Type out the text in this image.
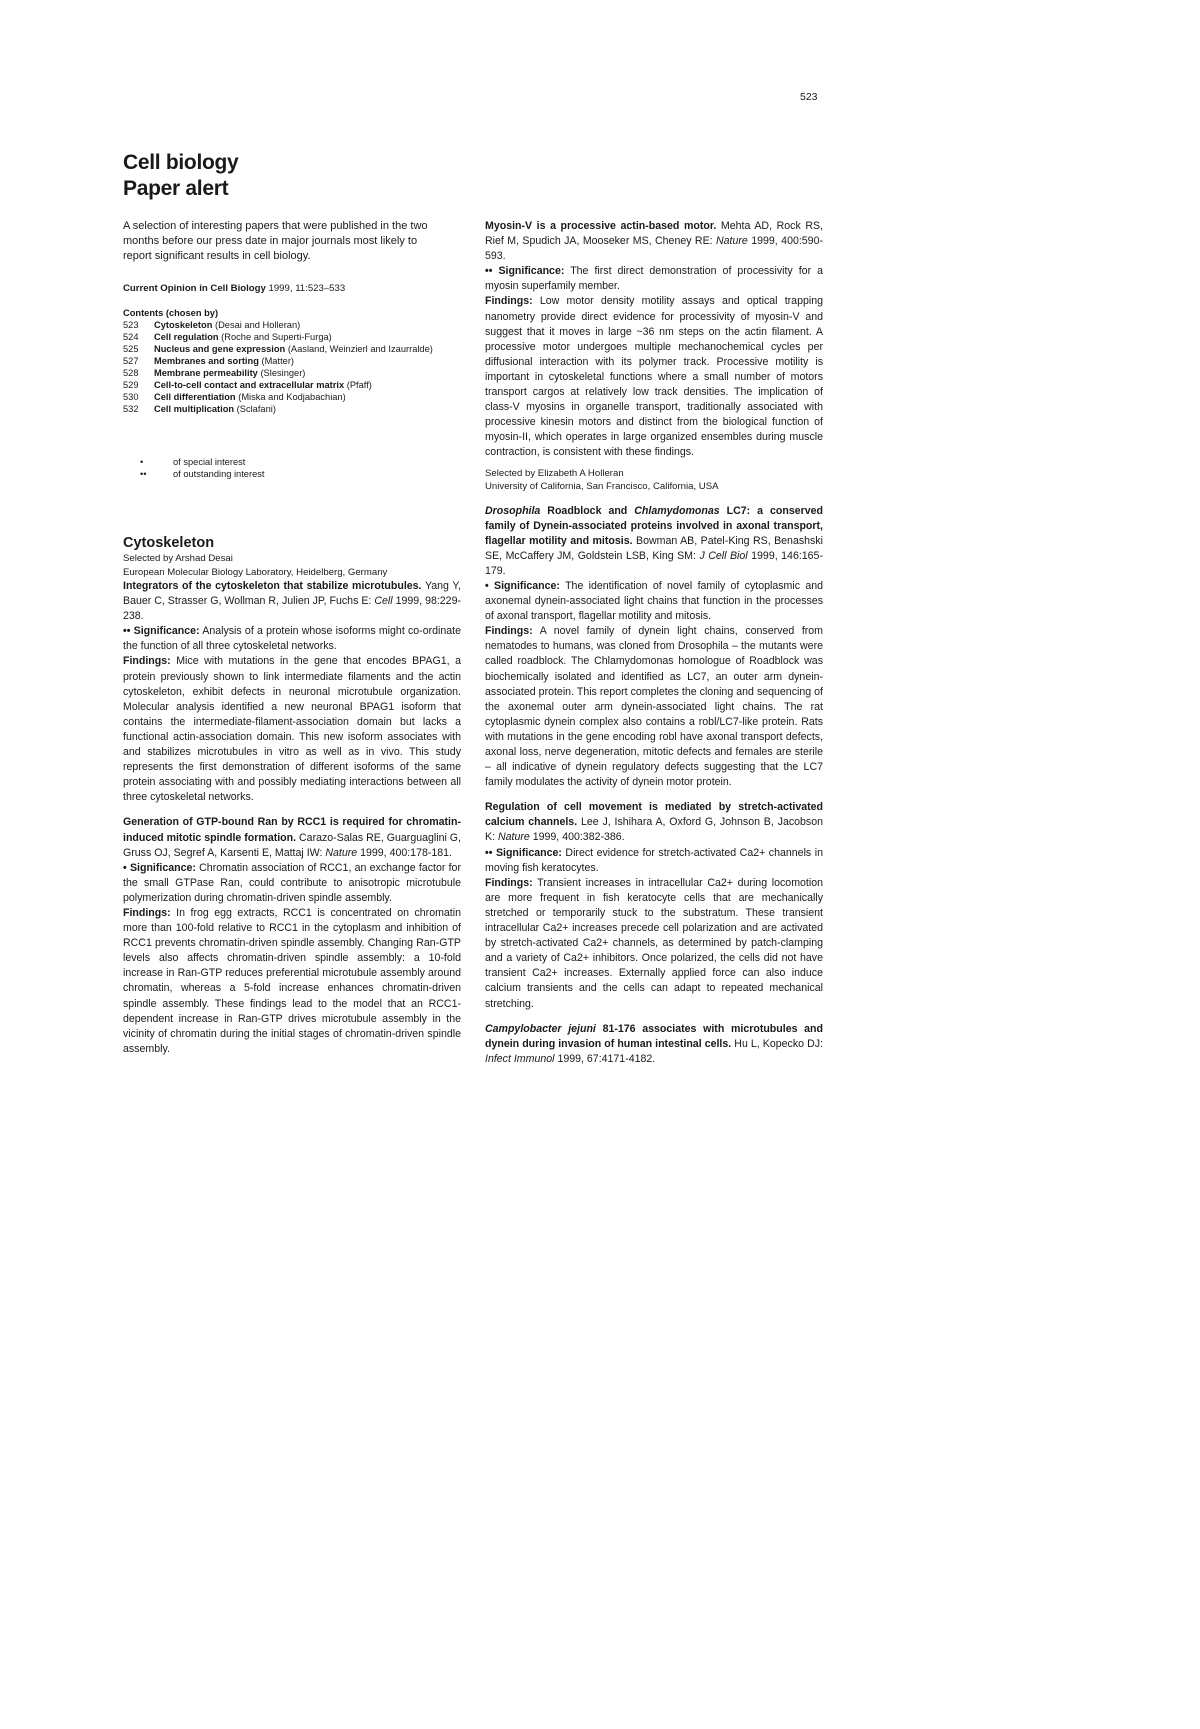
523
Cell biology
Paper alert
A selection of interesting papers that were published in the two months before our press date in major journals most likely to report significant results in cell biology.
Current Opinion in Cell Biology 1999, 11:523–533
Contents (chosen by)
523	Cytoskeleton (Desai and Holleran)
524	Cell regulation (Roche and Superti-Furga)
525	Nucleus and gene expression (Aasland, Weinzierl and Izaurralde)
527	Membranes and sorting (Matter)
528	Membrane permeability (Slesinger)
529	Cell-to-cell contact and extracellular matrix (Pfaff)
530	Cell differentiation (Miska and Kodjabachian)
532	Cell multiplication (Sclafani)
•	of special interest
••	of outstanding interest

Cytoskeleton

Selected by Arshad Desai

European Molecular Biology Laboratory, Heidelberg, Germany

Integrators of the cytoskeleton that stabilize microtubules. Yang Y, Bauer C, Strasser G, Wollman R, Julien JP, Fuchs E: Cell 1999, 98:229-238.

•• Significance: Analysis of a protein whose isoforms might co-ordinate the function of all three cytoskeletal networks.

Findings: Mice with mutations in the gene that encodes BPAG1, a protein previously shown to link intermediate filaments and the actin cytoskeleton, exhibit defects in neuronal microtubule organization. Molecular analysis identified a new neuronal BPAG1 isoform that contains the intermediate-filament-association domain but lacks a functional actin-association domain. This new isoform associates with and stabilizes microtubules in vitro as well as in vivo. This study represents the first demonstration of different isoforms of the same protein associating with and possibly mediating interactions between all three cytoskeletal networks.

Generation of GTP-bound Ran by RCC1 is required for chromatin-induced mitotic spindle formation. Carazo-Salas RE, Guarguaglini G, Gruss OJ, Segref A, Karsenti E, Mattaj IW: Nature 1999, 400:178-181.

• Significance: Chromatin association of RCC1, an exchange factor for the small GTPase Ran, could contribute to anisotropic microtubule polymerization during chromatin-driven spindle assembly.

Findings: In frog egg extracts, RCC1 is concentrated on chromatin more than 100-fold relative to RCC1 in the cytoplasm and inhibition of RCC1 prevents chromatin-driven spindle assembly. Changing Ran-GTP levels also affects chromatin-driven spindle assembly: a 10-fold increase in Ran-GTP reduces preferential microtubule assembly around chromatin, whereas a 5-fold increase enhances chromatin-driven spindle assembly. These findings lead to the model that an RCC1-dependent increase in Ran-GTP drives microtubule assembly in the vicinity of chromatin during the initial stages of chromatin-driven spindle assembly.

Myosin-V is a processive actin-based motor. Mehta AD, Rock RS, Rief M, Spudich JA, Mooseker MS, Cheney RE: Nature 1999, 400:590-593.

•• Significance: The first direct demonstration of processivity for a myosin superfamily member.

Findings: Low motor density motility assays and optical trapping nanometry provide direct evidence for processivity of myosin-V and suggest that it moves in large ~36 nm steps on the actin filament. A processive motor undergoes multiple mechanochemical cycles per diffusional interaction with its polymer track. Processive motility is important in cytoskeletal functions where a small number of motors transport cargos at relatively low track densities. The implication of class-V myosins in organelle transport, traditionally associated with processive kinesin motors and distinct from the biological function of myosin-II, which operates in large organized ensembles during muscle contraction, is consistent with these findings.

Selected by Elizabeth A Holleran

University of California, San Francisco, California, USA

Drosophila Roadblock and Chlamydomonas LC7: a conserved family of Dynein-associated proteins involved in axonal transport, flagellar motility and mitosis. Bowman AB, Patel-King RS, Benashski SE, McCaffery JM, Goldstein LSB, King SM: J Cell Biol 1999, 146:165-179.

• Significance: The identification of novel family of cytoplasmic and axonemal dynein-associated light chains that function in the processes of axonal transport, flagellar motility and mitosis.

Findings: A novel family of dynein light chains, conserved from nematodes to humans, was cloned from Drosophila – the mutants were called roadblock. The Chlamydomonas homologue of Roadblock was biochemically isolated and identified as LC7, an outer arm dynein-associated protein. This report completes the cloning and sequencing of the axonemal outer arm dynein-associated light chains. The rat cytoplasmic dynein complex also contains a robl/LC7-like protein. Rats with mutations in the gene encoding robl have axonal transport defects, axonal loss, nerve degeneration, mitotic defects and females are sterile – all indicative of dynein regulatory defects suggesting that the LC7 family modulates the activity of dynein motor protein.

Regulation of cell movement is mediated by stretch-activated calcium channels. Lee J, Ishihara A, Oxford G, Johnson B, Jacobson K: Nature 1999, 400:382-386.

•• Significance: Direct evidence for stretch-activated Ca2+ channels in moving fish keratocytes.

Findings: Transient increases in intracellular Ca2+ during locomotion are more frequent in fish keratocyte cells that are mechanically stretched or temporarily stuck to the substratum. These transient intracellular Ca2+ increases precede cell polarization and are activated by stretch-activated Ca2+ channels, as determined by patch-clamping and a variety of Ca2+ inhibitors. Once polarized, the cells did not have transient Ca2+ increases. Externally applied force can also induce calcium transients and the cells can adapt to repeated mechanical stretching.

Campylobacter jejuni 81-176 associates with microtubules and dynein during invasion of human intestinal cells. Hu L, Kopecko DJ: Infect Immunol 1999, 67:4171-4182.
